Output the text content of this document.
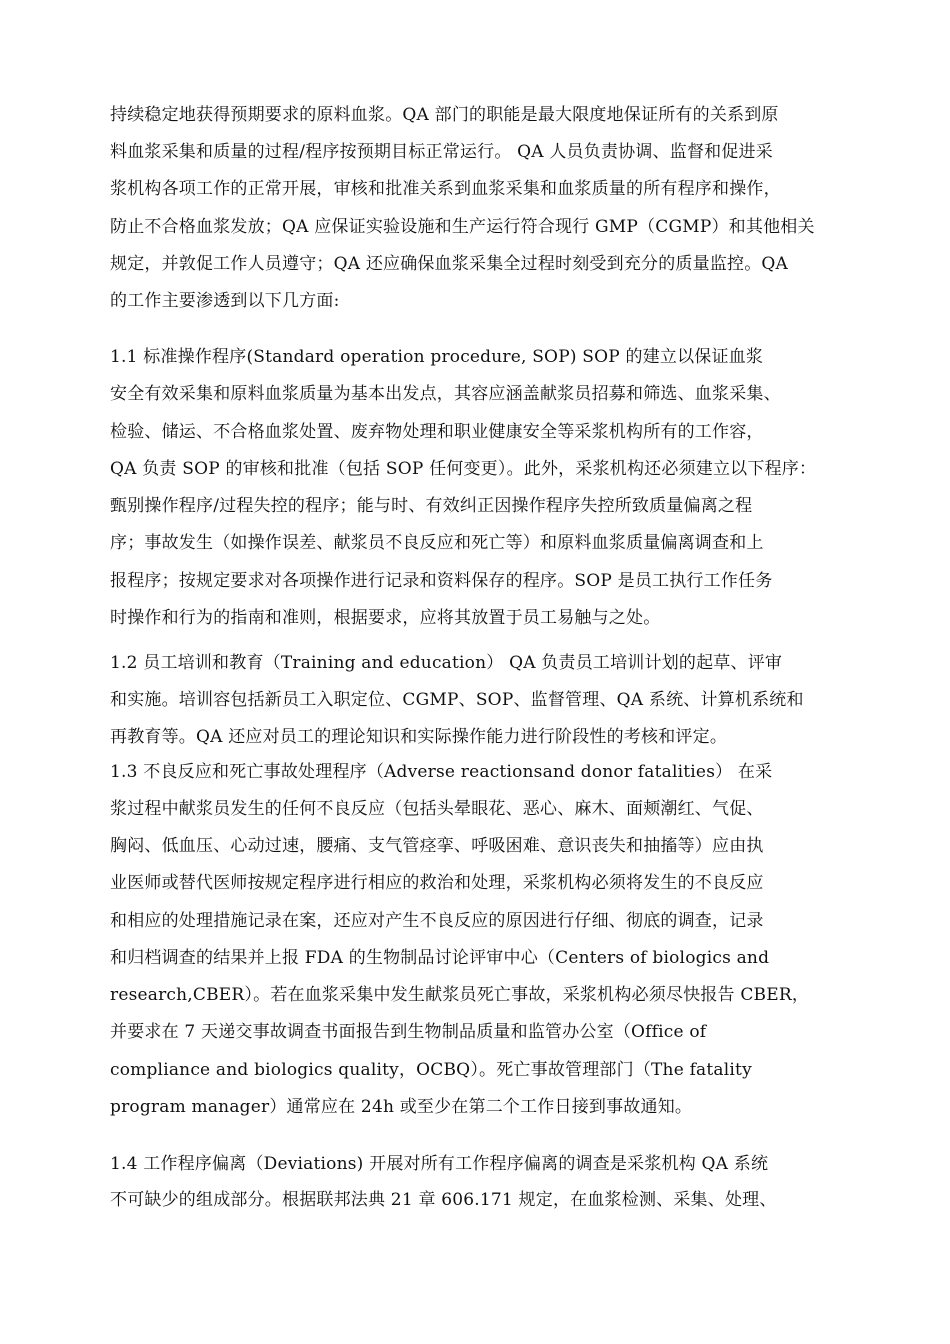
持续稳定地获得预期要求的原料血浆。QA 部门的职能是最大限度地保证所有的关系到原
料血浆采集和质量的过程/程序按预期目标正常运行。 QA 人员负责协调、监督和促进采
浆机构各项工作的正常开展，审核和批准关系到血浆采集和血浆质量的所有程序和操作，
防止不合格血浆发放；QA 应保证实验设施和生产运行符合现行 GMP（CGMP）和其他相关
规定，并敦促工作人员遵守；QA 还应确保血浆采集全过程时刻受到充分的质量监控。QA
的工作主要渗透到以下几方面:
1.1 标准操作程序(Standard operation procedure, SOP) SOP 的建立以保证血浆
安全有效采集和原料血浆质量为基本出发点，其容应涵盖献浆员招募和筛选、血浆采集、
检验、储运、不合格血浆处置、废弃物处理和职业健康安全等采浆机构所有的工作容，
QA 负责 SOP 的审核和批准（包括 SOP 任何变更）。此外，采浆机构还必须建立以下程序：
甄别操作程序/过程失控的程序；能与时、有效纠正因操作程序失控所致质量偏离之程
序；事故发生（如操作误差、献浆员不良反应和死亡等）和原料血浆质量偏离调查和上
报程序；按规定要求对各项操作进行记录和资料保存的程序。SOP 是员工执行工作任务
时操作和行为的指南和准则，根据要求，应将其放置于员工易触与之处。
1.2 员工培训和教育（Training and education） QA 负责员工培训计划的起草、评审
和实施。培训容包括新员工入职定位、CGMP、SOP、监督管理、QA 系统、计算机系统和
再教育等。QA 还应对员工的理论知识和实际操作能力进行阶段性的考核和评定。
1.3 不良反应和死亡事故处理程序（Adverse reactionsand donor fatalities） 在采
浆过程中献浆员发生的任何不良反应（包括头晕眼花、恶心、麻木、面颊潮红、气促、
胸闷、低血压、心动过速，腰痛、支气管痉挛、呼吸困难、意识丧失和抽搐等）应由执
业医师或替代医师按规定程序进行相应的救治和处理，采浆机构必须将发生的不良反应
和相应的处理措施记录在案，还应对产生不良反应的原因进行仔细、彻底的调查，记录
和归档调查的结果并上报 FDA 的生物制品讨论评审中心（Centers of biologics and
research,CBER）。若在血浆采集中发生献浆员死亡事故，采浆机构必须尽快报告 CBER，
并要求在 7 天递交事故调查书面报告到生物制品质量和监管办公室（Office of
compliance and biologics quality，OCBQ）。死亡事故管理部门（The fatality
program manager）通常应在 24h 或至少在第二个工作日接到事故通知。
1.4 工作程序偏离（Deviations) 开展对所有工作程序偏离的调查是采浆机构 QA 系统
不可缺少的组成部分。根据联邦法典 21 章 606.171 规定，在血浆检测、采集、处理、
